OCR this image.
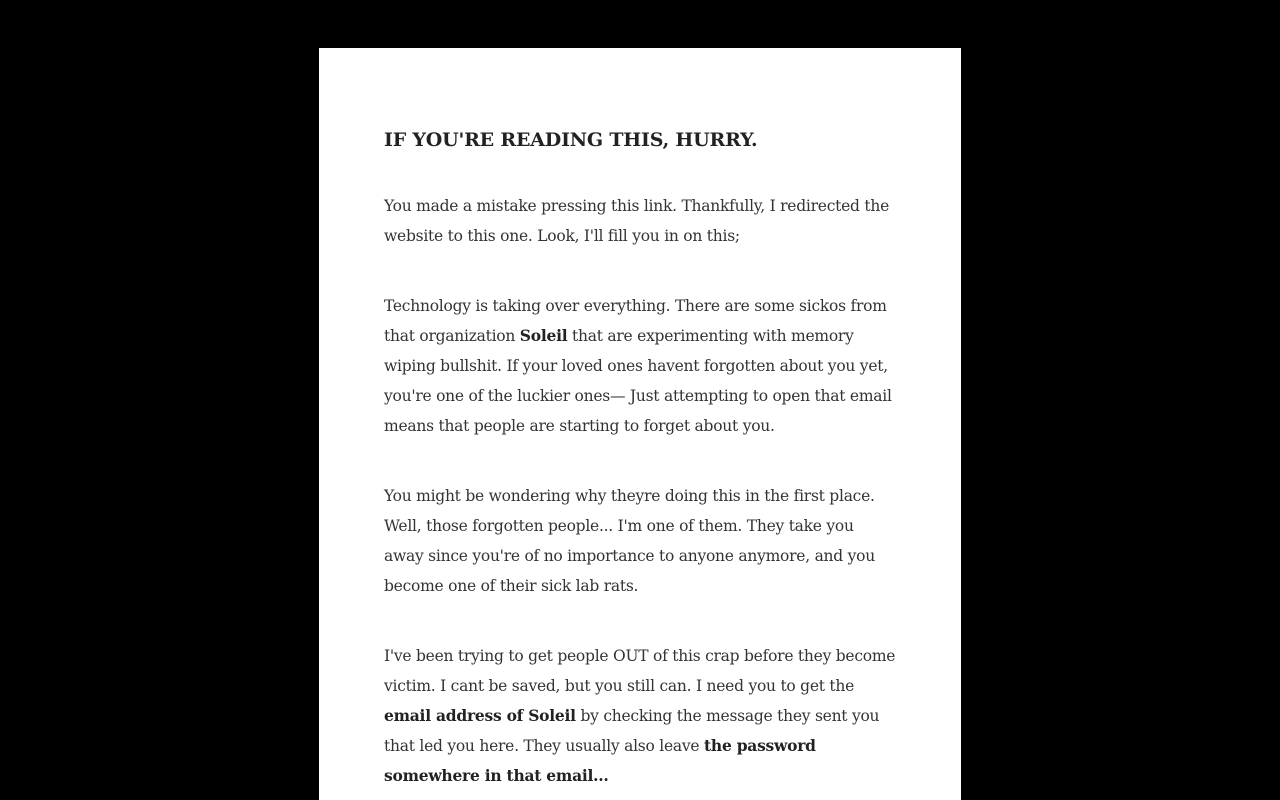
IF YOU'RE READING THIS, HURRY.

You made a mistake pressing this link. Thankfully, I redirected the website to this one. Look, I'll fill you in on this;

Technology is taking over everything. There are some sickos from that organization Soleil that are experimenting with memory wiping bullshit. If your loved ones havent forgotten about you yet, you're one of the luckier ones— Just attempting to open that email means that people are starting to forget about you.

You might be wondering why theyre doing this in the first place. Well, those forgotten people... I'm one of them. They take you away since you're of no importance to anyone anymore, and you become one of their sick lab rats.

I've been trying to get people OUT of this crap before they become victim. I cant be saved, but you still can. I need you to get the email address of Soleil by checking the message they sent you that led you here. They usually also leave the password somewhere in that email...
